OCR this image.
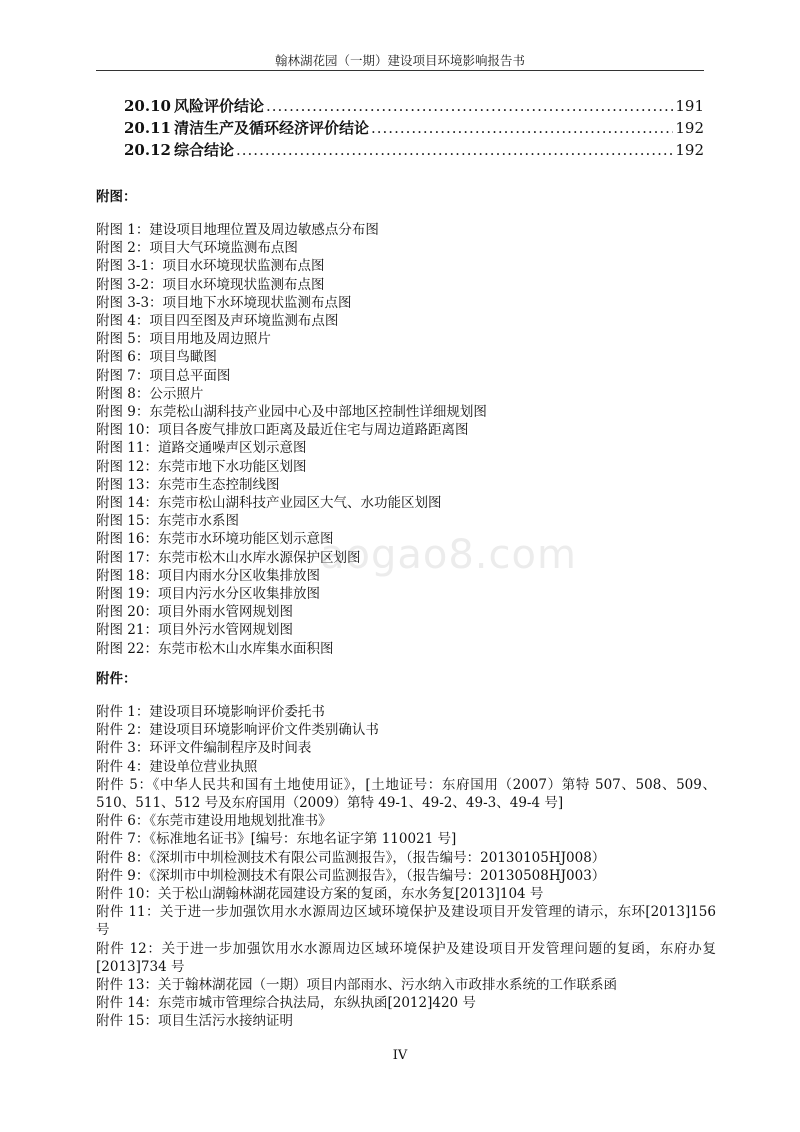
翰林湖花园（一期）建设项目环境影响报告书
20.10 风险评价结论 .....	191
20.11 清洁生产及循环经济评价结论 .....	192
20.12 综合结论 .....	192
附图：
附图 1：建设项目地理位置及周边敏感点分布图
附图 2：项目大气环境监测布点图
附图 3-1：项目水环境现状监测布点图
附图 3-2：项目水环境现状监测布点图
附图 3-3：项目地下水环境现状监测布点图
附图 4：项目四至图及声环境监测布点图
附图 5：项目用地及周边照片
附图 6：项目鸟瞰图
附图 7：项目总平面图
附图 8：公示照片
附图 9：东莞松山湖科技产业园中心及中部地区控制性详细规划图
附图 10：项目各废气排放口距离及最近住宅与周边道路距离图
附图 11：道路交通噪声区划示意图
附图 12：东莞市地下水功能区划图
附图 13：东莞市生态控制线图
附图 14：东莞市松山湖科技产业园区大气、水功能区划图
附图 15：东莞市水系图
附图 16：东莞市水环境功能区划示意图
附图 17：东莞市松木山水库水源保护区划图
附图 18：项目内雨水分区收集排放图
附图 19：项目内污水分区收集排放图
附图 20：项目外雨水管网规划图
附图 21：项目外污水管网规划图
附图 22：东莞市松木山水库集水面积图
附件：
附件 1：建设项目环境影响评价委托书
附件 2：建设项目环境影响评价文件类别确认书
附件 3：环评文件编制程序及时间表
附件 4：建设单位营业执照
附件 5：《中华人民共和国有土地使用证》，[土地证号：东府国用（2007）第特 507、508、509、510、511、512 号及东府国用（2009）第特 49-1、49-2、49-3、49-4 号]
附件 6：《东莞市建设用地规划批准书》
附件 7：《标准地名证书》[编号：东地名证字第 110021 号]
附件 8：《深圳市中圳检测技术有限公司监测报告》，（报告编号：20130105HJ008）
附件 9：《深圳市中圳检测技术有限公司监测报告》，（报告编号：20130508HJ003）
附件 10：关于松山湖翰林湖花园建设方案的复函，东水务复[2013]104 号
附件 11：关于进一步加强饮用水水源周边区域环境保护及建设项目开发管理的请示，东环[2013]156 号
附件 12：关于进一步加强饮用水水源周边区域环境保护及建设项目开发管理问题的复函，东府办复[2013]734 号
附件 13：关于翰林湖花园（一期）项目内部雨水、污水纳入市政排水系统的工作联系函
附件 14：东莞市城市管理综合执法局，东纵执函[2012]420 号
附件 15：项目生活污水接纳证明
aogao8.com
IV
